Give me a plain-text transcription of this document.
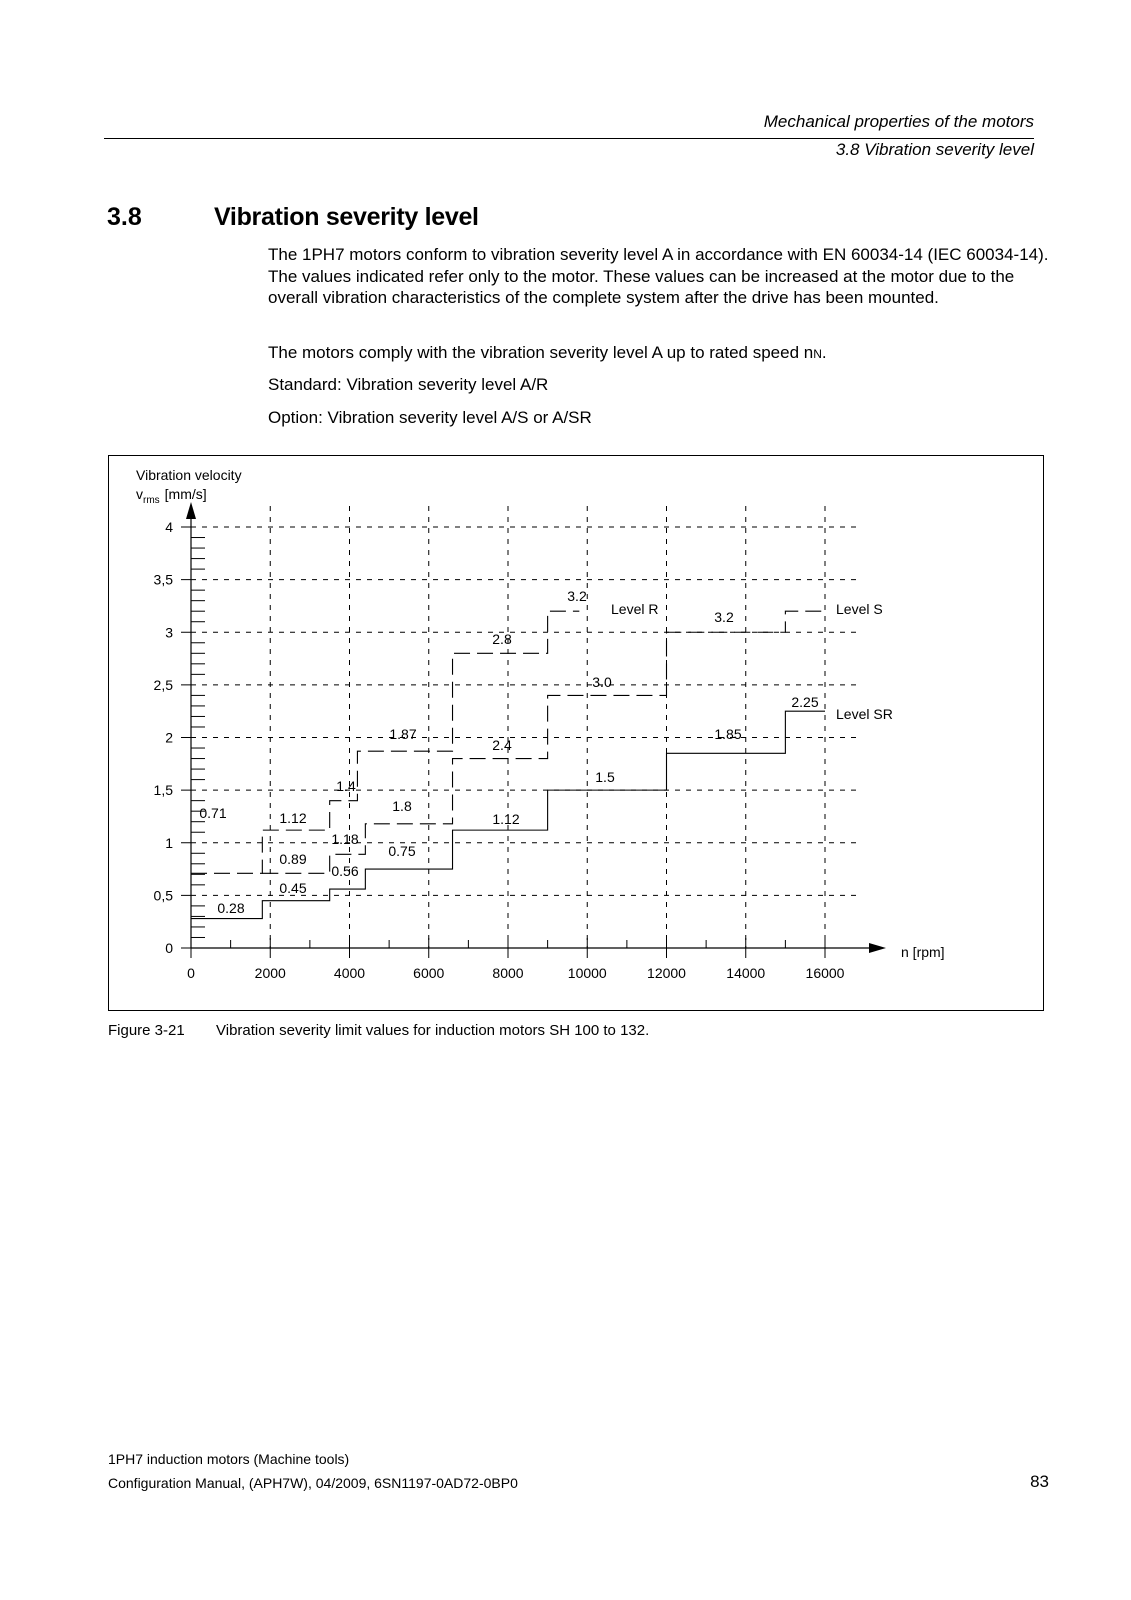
Mechanical properties of the motors
3.8 Vibration severity level
3.8	Vibration severity level
The 1PH7 motors conform to vibration severity level A in accordance with EN 60034-14 (IEC 60034-14). The values indicated refer only to the motor. These values can be increased at the motor due to the overall vibration characteristics of the complete system after the drive has been mounted.
The motors comply with the vibration severity level A up to rated speed nN.
Standard: Vibration severity level A/R
Option: Vibration severity level A/S or A/SR
0
0,5
1
1,5
2
2,5
3
3,5
4
0	2000	4000	6000	8000	10000	12000	14000	16000
0.71	1.12
1.4
1.87
2.8
3.2
0.89
1.18
1.8
2.4
3.0
3.2
0.28
0.45
0.56
0.75
1.12
1.5
1.85
2.25
Level R	Level S
Level SR
Vibration velocity
$v_{rms}$ [mm/s]
n [rpm]
Figure 3-21 Vibration severity limit values for induction motors SH 100 to 132.
1PH7 induction motors (Machine tools)
Configuration Manual, (APH7W), 04/2009, 6SN1197-0AD72-0BP0	83
